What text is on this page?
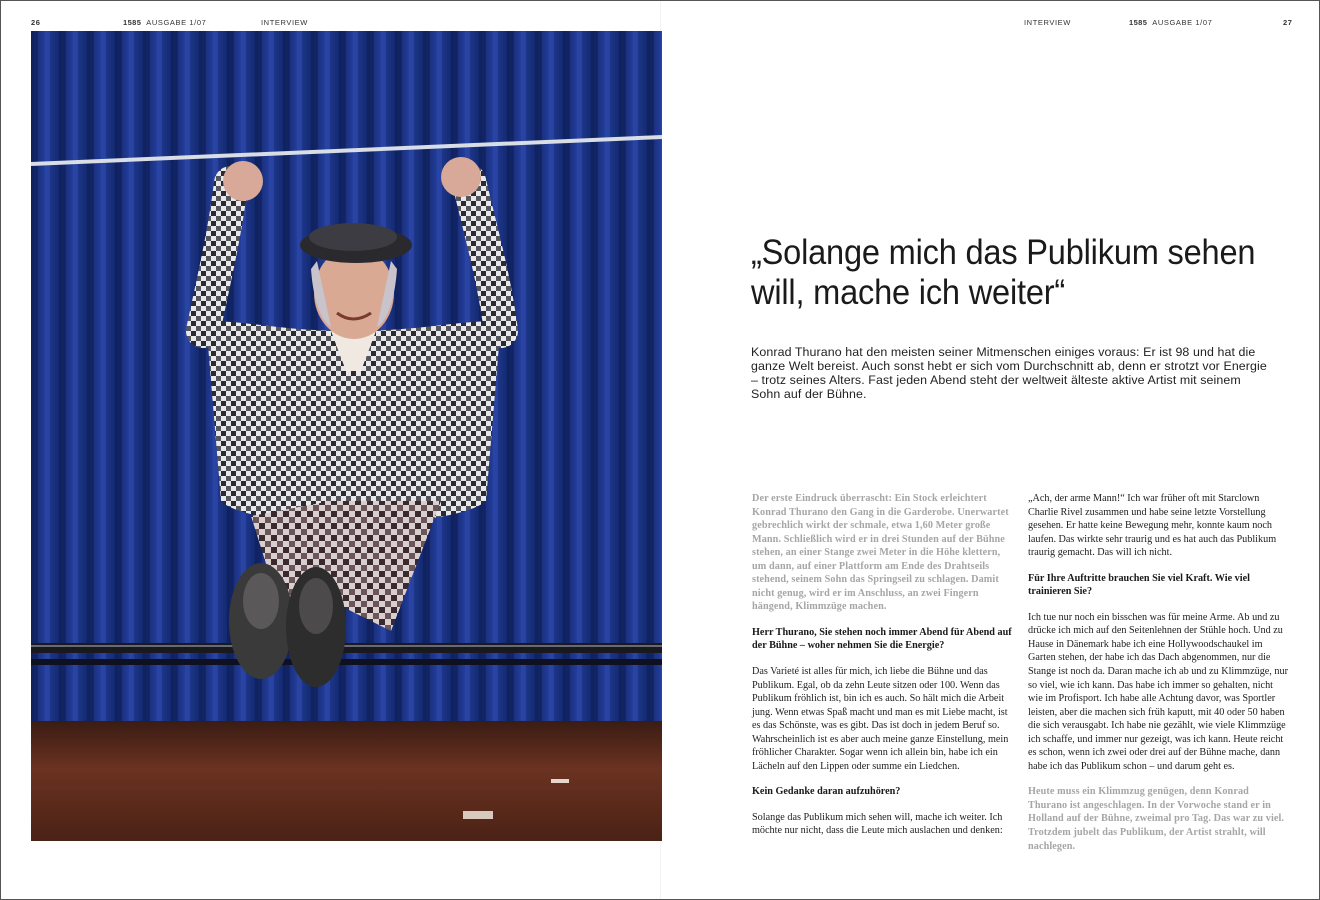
26	1585 AUSGABE 1/07	INTERVIEW	INTERVIEW	1585 AUSGABE 1/07	27
„Solange mich das Publikum sehen
will, mache ich weiter“
Konrad Thurano hat den meisten seiner Mitmenschen einiges voraus: Er ist 98 und hat die ganze Welt bereist. Auch sonst hebt er sich vom Durchschnitt ab, denn er strotzt vor Energie – trotz seines Alters. Fast jeden Abend steht der weltweit älteste aktive Artist mit seinem Sohn auf der Bühne.

Der erste Eindruck überrascht: Ein Stock erleichtert Konrad Thurano den Gang in die Garderobe. Unerwartet gebrechlich wirkt der schmale, etwa 1,60 Meter große Mann. Schließlich wird er in drei Stunden auf der Bühne stehen, an einer Stange zwei Meter in die Höhe klettern, um dann, auf einer Plattform am Ende des Drahtseils stehend, seinem Sohn das Springseil zu schlagen. Damit nicht genug, wird er im Anschluss, an zwei Fingern hängend, Klimmzüge machen.

Herr Thurano, Sie stehen noch immer Abend für Abend auf der Bühne – woher nehmen Sie die Energie?

Das Varieté ist alles für mich, ich liebe die Bühne und das Publikum. Egal, ob da zehn Leute sitzen oder 100. Wenn das Publikum fröhlich ist, bin ich es auch. So hält mich die Arbeit jung. Wenn etwas Spaß macht und man es mit Liebe macht, ist es das Schönste, was es gibt. Das ist doch in jedem Beruf so. Wahrscheinlich ist es aber auch meine ganze Einstellung, mein fröhlicher Charakter. Sogar wenn ich allein bin, habe ich ein Lächeln auf den Lippen oder summe ein Liedchen.

Kein Gedanke daran aufzuhören?

Solange das Publikum mich sehen will, mache ich weiter. Ich möchte nur nicht, dass die Leute mich auslachen und denken:

„Ach, der arme Mann!“ Ich war früher oft mit Starclown Charlie Rivel zusammen und habe seine letzte Vorstellung gesehen. Er hatte keine Bewegung mehr, konnte kaum noch laufen. Das wirkte sehr traurig und es hat auch das Publikum traurig gemacht. Das will ich nicht.

Für Ihre Auftritte brauchen Sie viel Kraft. Wie viel trainieren Sie?

Ich tue nur noch ein bisschen was für meine Arme. Ab und zu drücke ich mich auf den Seitenlehnen der Stühle hoch. Und zu Hause in Dänemark habe ich eine Hollywoodschaukel im Garten stehen, der habe ich das Dach abgenommen, nur die Stange ist noch da. Daran mache ich ab und zu Klimmzüge, nur so viel, wie ich kann. Das habe ich immer so gehalten, nicht wie im Profisport. Ich habe alle Achtung davor, was Sportler leisten, aber die machen sich früh kaputt, mit 40 oder 50 haben die sich verausgabt. Ich habe nie gezählt, wie viele Klimmzüge ich schaffe, und immer nur gezeigt, was ich kann. Heute reicht es schon, wenn ich zwei oder drei auf der Bühne mache, dann habe ich das Publikum schon – und darum geht es.

Heute muss ein Klimmzug genügen, denn Konrad Thurano ist angeschlagen. In der Vorwoche stand er in Holland auf der Bühne, zweimal pro Tag. Das war zu viel. Trotzdem jubelt das Publikum, der Artist strahlt, will nachlegen.
